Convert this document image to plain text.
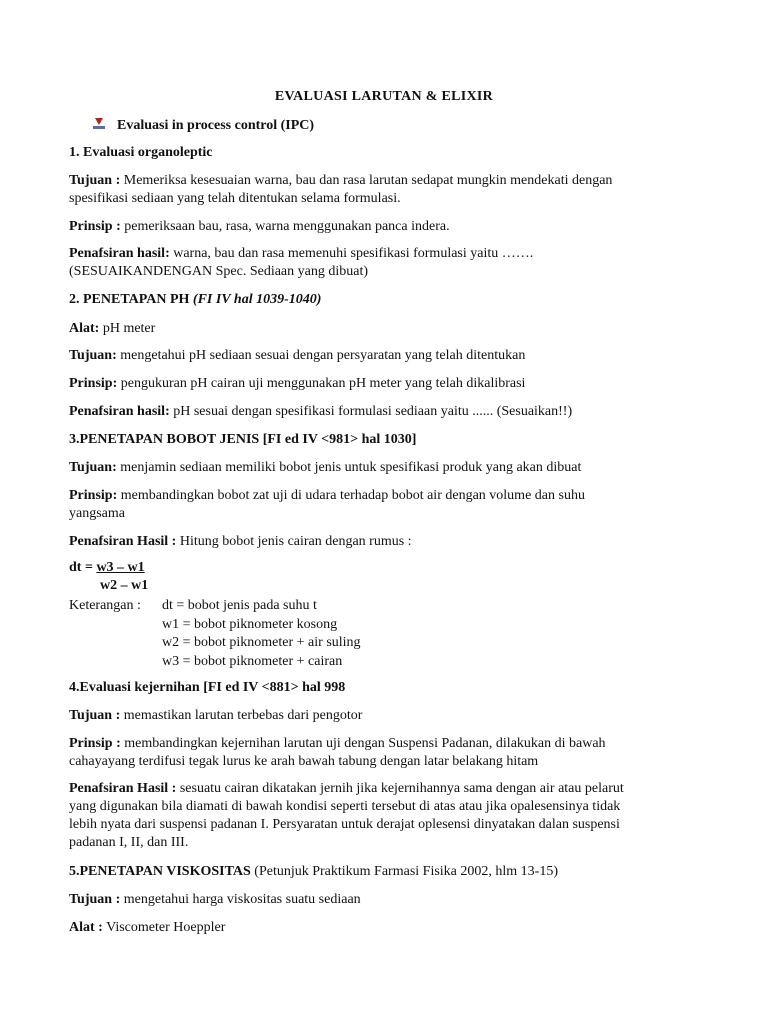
EVALUASI LARUTAN & ELIXIR
Evaluasi in process control (IPC)

1. Evaluasi organoleptic

Tujuan : Memeriksa kesesuaian warna, bau dan rasa larutan sedapat mungkin mendekati dengan

spesifikasi sediaan yang telah ditentukan selama formulasi.

Prinsip : pemeriksaan bau, rasa, warna menggunakan panca indera.

Penafsiran hasil: warna, bau dan rasa memenuhi spesifikasi formulasi yaitu …….

(SESUAIKANDENGAN Spec. Sediaan yang dibuat)

2. PENETAPAN PH (FI IV hal 1039-1040)

Alat: pH meter

Tujuan: mengetahui pH sediaan sesuai dengan persyaratan yang telah ditentukan

Prinsip: pengukuran pH cairan uji menggunakan pH meter yang telah dikalibrasi

Penafsiran hasil: pH sesuai dengan spesifikasi formulasi sediaan yaitu ...... (Sesuaikan!!)

3.PENETAPAN BOBOT JENIS [FI ed IV <981> hal 1030]

Tujuan: menjamin sediaan memiliki bobot jenis untuk spesifikasi produk yang akan dibuat

Prinsip: membandingkan bobot zat uji di udara terhadap bobot air dengan volume dan suhu

yangsama

Penafsiran Hasil : Hitung bobot jenis cairan dengan rumus :

dt = w3 – w1
w2 – w1
Keterangan :	dt = bobot jenis pada suhu t
w1 = bobot piknometer kosong
w2 = bobot piknometer + air suling
w3 = bobot piknometer + cairan

4.Evaluasi kejernihan [FI ed IV <881> hal 998

Tujuan : memastikan larutan terbebas dari pengotor

Prinsip : membandingkan kejernihan larutan uji dengan Suspensi Padanan, dilakukan di bawah

cahayayang terdifusi tegak lurus ke arah bawah tabung dengan latar belakang hitam

Penafsiran Hasil : sesuatu cairan dikatakan jernih jika kejernihannya sama dengan air atau pelarut

yang digunakan bila diamati di bawah kondisi seperti tersebut di atas atau jika opalesensinya tidak

lebih nyata dari suspensi padanan I. Persyaratan untuk derajat oplesensi dinyatakan dalan suspensi

padanan I, II, dan III.

5.PENETAPAN VISKOSITAS (Petunjuk Praktikum Farmasi Fisika 2002, hlm 13-15)

Tujuan : mengetahui harga viskositas suatu sediaan

Alat : Viscometer Hoeppler
